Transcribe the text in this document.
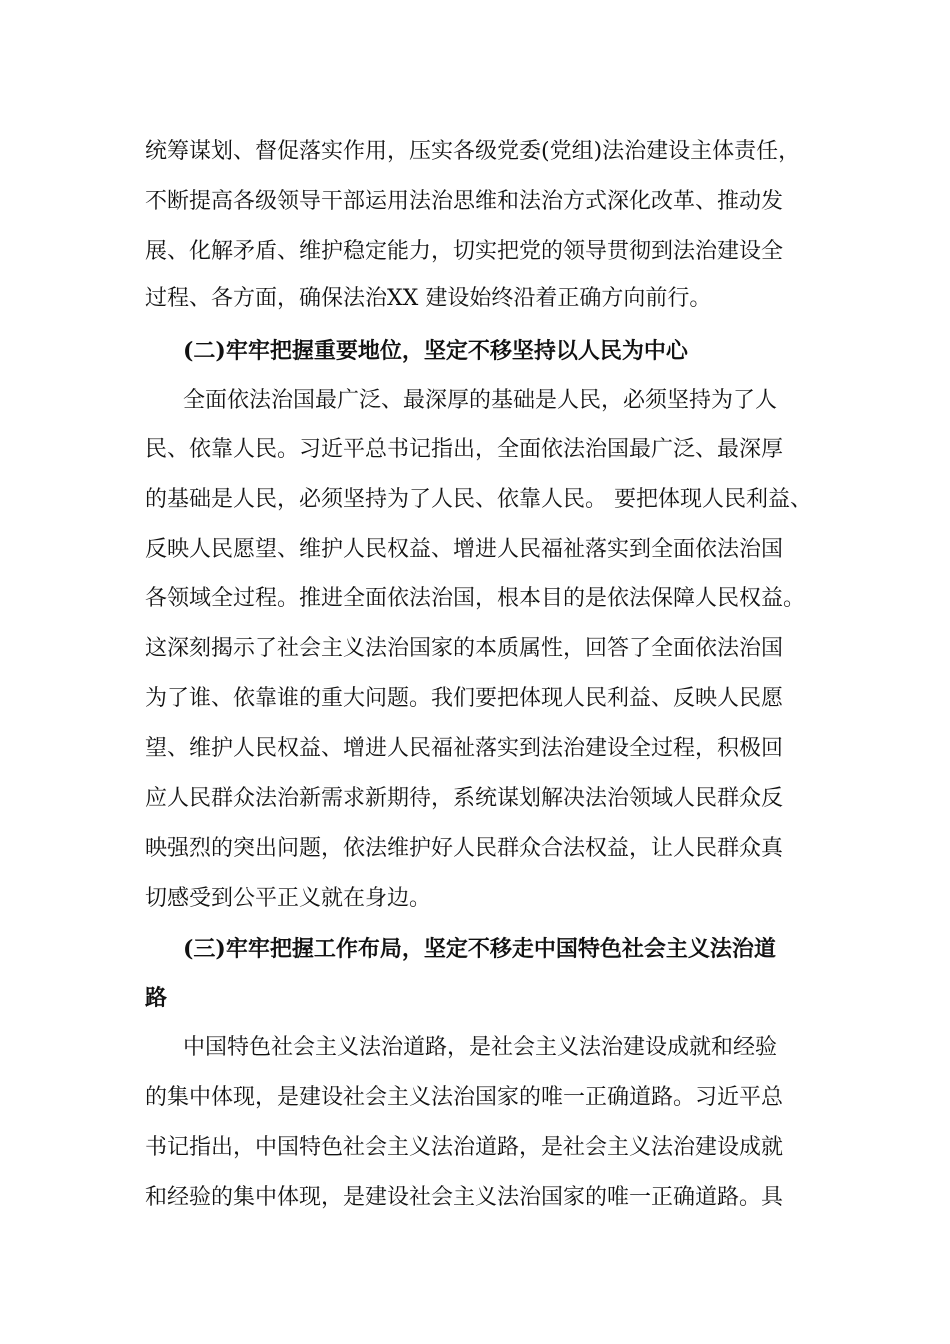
统筹谋划、督促落实作用，压实各级党委(党组)法治建设主体责任，
不断提高各级领导干部运用法治思维和法治方式深化改革、推动发
展、化解矛盾、维护稳定能力，切实把党的领导贯彻到法治建设全
过程、各方面，确保法治XX 建设始终沿着正确方向前行。
(二)牢牢把握重要地位，坚定不移坚持以人民为中心
全面依法治国最广泛、最深厚的基础是人民，必须坚持为了人
民、依靠人民。习近平总书记指出，全面依法治国最广泛、最深厚
的基础是人民，必须坚持为了人民、依靠人民。 要把体现人民利益、
反映人民愿望、维护人民权益、增进人民福祉落实到全面依法治国
各领域全过程。推进全面依法治国，根本目的是依法保障人民权益。
这深刻揭示了社会主义法治国家的本质属性，回答了全面依法治国
为了谁、依靠谁的重大问题。我们要把体现人民利益、反映人民愿
望、维护人民权益、增进人民福祉落实到法治建设全过程，积极回
应人民群众法治新需求新期待，系统谋划解决法治领域人民群众反
映强烈的突出问题，依法维护好人民群众合法权益，让人民群众真
切感受到公平正义就在身边。
(三)牢牢把握工作布局，坚定不移走中国特色社会主义法治道
路
中国特色社会主义法治道路，是社会主义法治建设成就和经验
的集中体现，是建设社会主义法治国家的唯一正确道路。习近平总
书记指出，中国特色社会主义法治道路，是社会主义法治建设成就
和经验的集中体现，是建设社会主义法治国家的唯一正确道路。具
